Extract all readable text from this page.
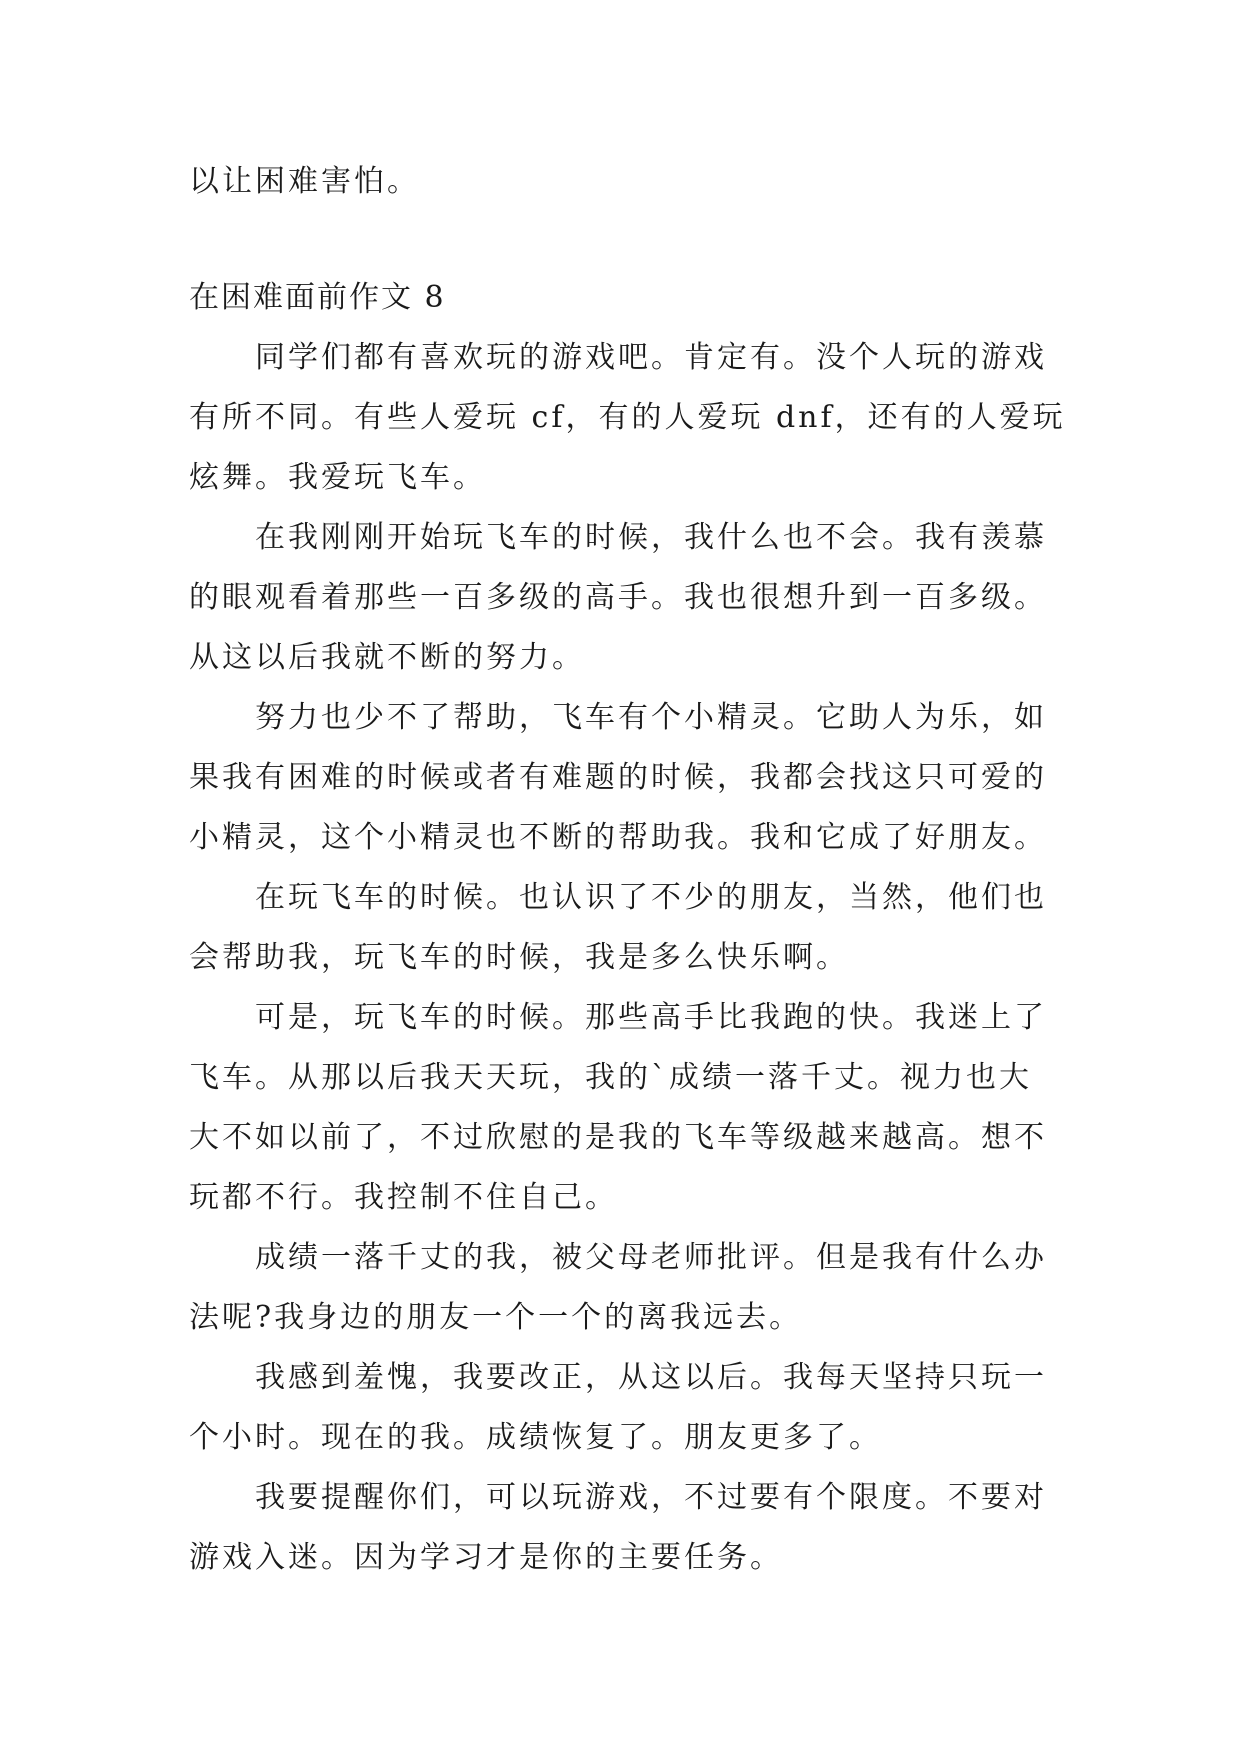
以让困难害怕。
在困难面前作文 8
同学们都有喜欢玩的游戏吧。肯定有。没个人玩的游戏
有所不同。有些人爱玩 cf，有的人爱玩 dnf，还有的人爱玩
炫舞。我爱玩飞车。
在我刚刚开始玩飞车的时候，我什么也不会。我有羡慕
的眼观看着那些一百多级的高手。我也很想升到一百多级。
从这以后我就不断的努力。
努力也少不了帮助，飞车有个小精灵。它助人为乐，如
果我有困难的时候或者有难题的时候，我都会找这只可爱的
小精灵，这个小精灵也不断的帮助我。我和它成了好朋友。
在玩飞车的时候。也认识了不少的朋友，当然，他们也
会帮助我，玩飞车的时候，我是多么快乐啊。
可是，玩飞车的时候。那些高手比我跑的快。我迷上了
飞车。从那以后我天天玩，我的`成绩一落千丈。视力也大
大不如以前了，不过欣慰的是我的飞车等级越来越高。想不
玩都不行。我控制不住自己。
成绩一落千丈的我，被父母老师批评。但是我有什么办
法呢?我身边的朋友一个一个的离我远去。
我感到羞愧，我要改正，从这以后。我每天坚持只玩一
个小时。现在的我。成绩恢复了。朋友更多了。
我要提醒你们，可以玩游戏，不过要有个限度。不要对
游戏入迷。因为学习才是你的主要任务。
